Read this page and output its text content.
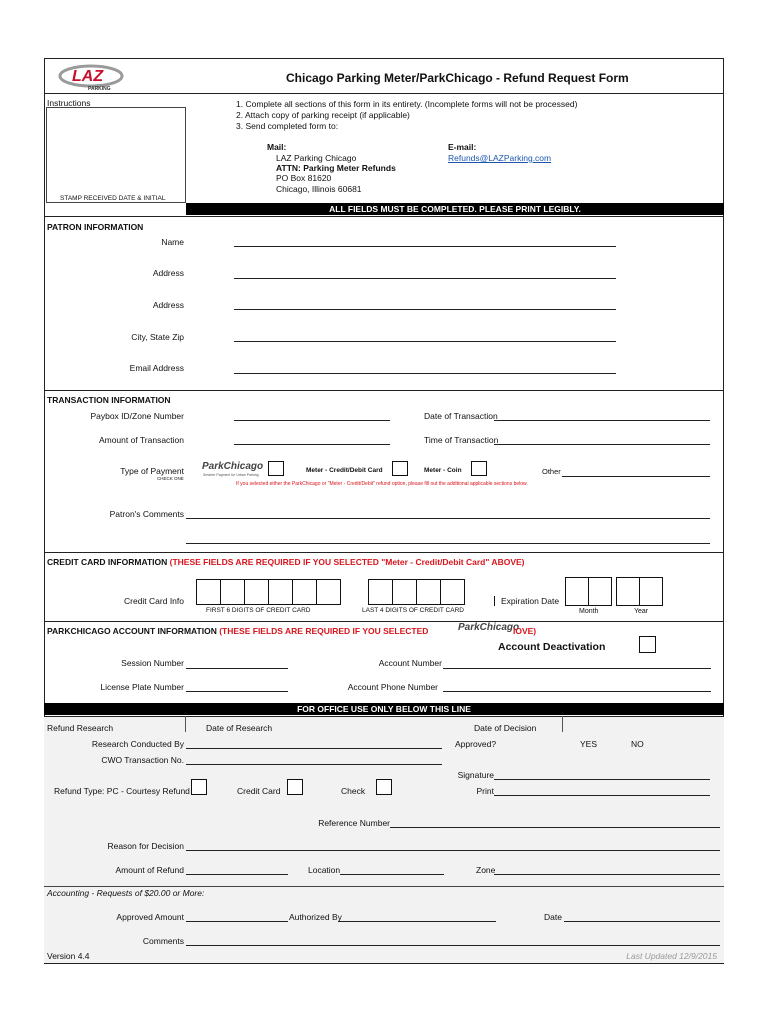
LAZ
PARKING
Chicago Parking Meter/ParkChicago - Refund Request Form
Instructions
STAMP RECEIVED DATE & INITIAL
1. Complete all sections of this form in its entirety. (Incomplete forms will not be processed)
2. Attach copy of parking receipt (if applicable)
3. Send completed form to:
Mail:
LAZ Parking Chicago
ATTN: Parking Meter Refunds
PO Box 81620
Chicago, Illinois 60681
E-mail:
Refunds@LAZParking.com
ALL FIELDS MUST BE COMPLETED. PLEASE PRINT LEGIBLY.
PATRON INFORMATION
Name
Address
Address
City, State Zip
Email Address
TRANSACTION INFORMATION
Paybox ID/Zone Number	Date of Transaction
Amount of Transaction	Time of Transaction
Type of Payment
CHECK ONE
ParkChicago
Smarter Payment for Urban Parking
Meter - Credit/Debit Card	Meter - Coin	Other
If you selected either the ParkChicago or "Meter - Credit/Debit" refund option, please fill out the additional applicable sections below.
Patron's Comments
CREDIT CARD INFORMATION (THESE FIELDS ARE REQUIRED IF YOU SELECTED "Meter - Credit/Debit Card" ABOVE)
Credit Card Info
FIRST 6 DIGITS OF CREDIT CARD	LAST 4 DIGITS OF CREDIT CARD
Expiration Date
Month	Year
PARKCHICAGO ACCOUNT INFORMATION (THESE FIELDS ARE REQUIRED IF YOU SELECTED	ParkChicago
IOVE)
Account Deactivation
Session Number	Account Number
License Plate Number	Account Phone Number
FOR OFFICE USE ONLY BELOW THIS LINE
Refund Research	Date of Research	Date of Decision
Research Conducted By	Approved?	YES	NO
CWO Transaction No.
Signature
Refund Type: PC - Courtesy Refund	Credit Card	Check	Print
Reference Number
Reason for Decision
Amount of Refund	Location	Zone
Accounting - Requests of $20.00 or More:
Approved Amount	Authorized By	Date
Comments
Version 4.4	Last Updated 12/9/2015
